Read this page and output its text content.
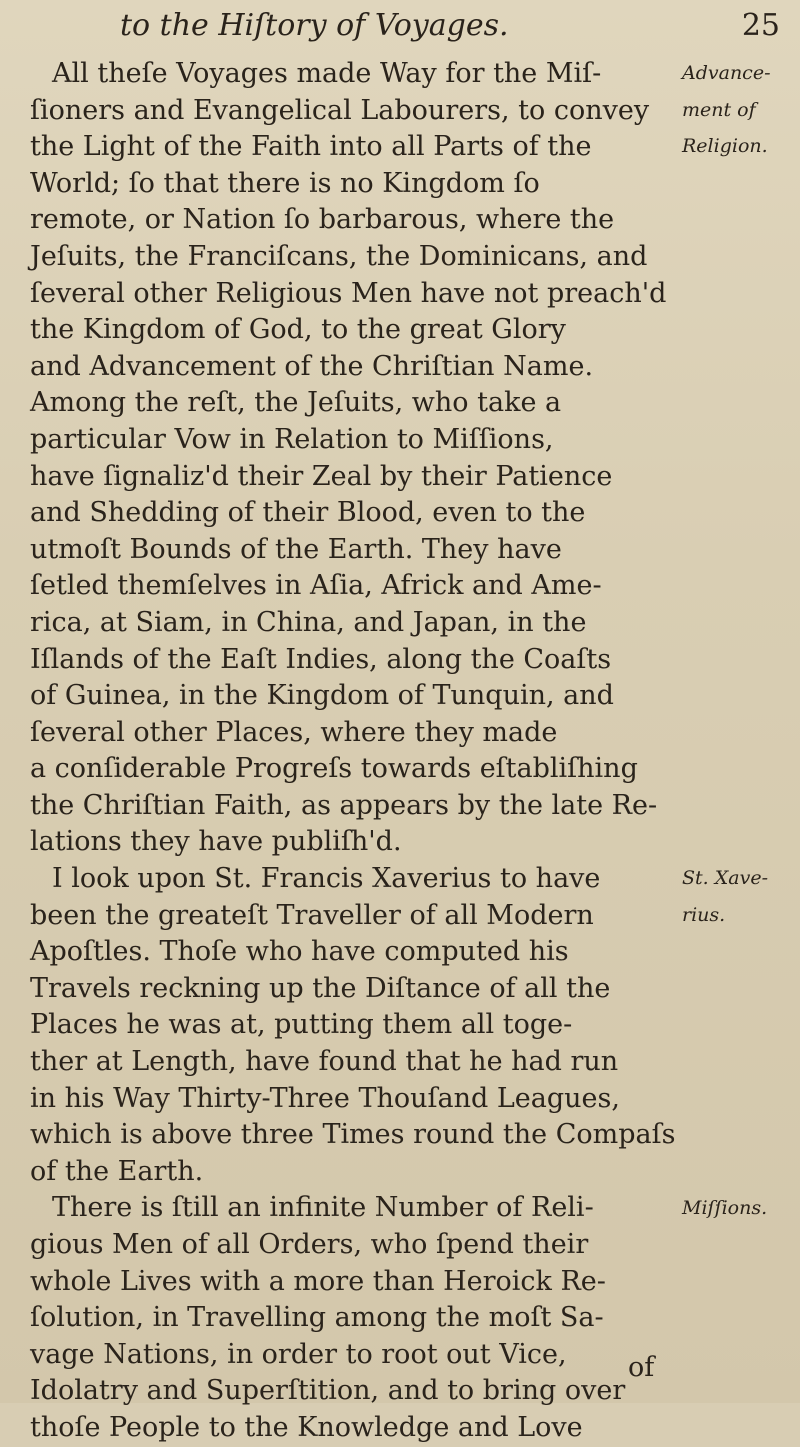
to the Hiſtory of Voyages.	25
All theſe Voyages made Way for the Miſ-
ſioners and Evangelical Labourers, to convey
the Light of the Faith into all Parts of the
World; ſo that there is no Kingdom ſo
remote, or Nation ſo barbarous, where the
Jeſuits, the Franciſcans, the Dominicans, and
ſeveral other Religious Men have not preach'd
the Kingdom of God, to the great Glory
and Advancement of the Chriſtian Name.
Among the reſt, the Jeſuits, who take a
particular Vow in Relation to Miſſions,
have ſignaliz'd their Zeal by their Patience
and Shedding of their Blood, even to the
utmoſt Bounds of the Earth. They have
ſetled themſelves in Aſia, Africk and Ame-
rica, at Siam, in China, and Japan, in the
Iſlands of the Eaſt Indies, along the Coaſts
of Guinea, in the Kingdom of Tunquin, and
ſeveral other Places, where they made
a conſiderable Progreſs towards eſtabliſhing
the Chriſtian Faith, as appears by the late Re-
lations they have publiſh'd.
I look upon St. Francis Xaverius to have
been the greateſt Traveller of all Modern
Apoſtles. Thoſe who have computed his
Travels reckning up the Diſtance of all the
Places he was at, putting them all toge-
ther at Length, have found that he had run
in his Way Thirty-Three Thouſand Leagues,
which is above three Times round the Compaſs
of the Earth.
There is ſtill an infinite Number of Reli-
gious Men of all Orders, who ſpend their
whole Lives with a more than Heroick Re-
ſolution, in Travelling among the moſt Sa-
vage Nations, in order to root out Vice,
Idolatry and Superſtition, and to bring over
thoſe People to the Knowledge and Love
Advance-
ment of
Religion.
St. Xave-
rius.
Miſſions.
of
